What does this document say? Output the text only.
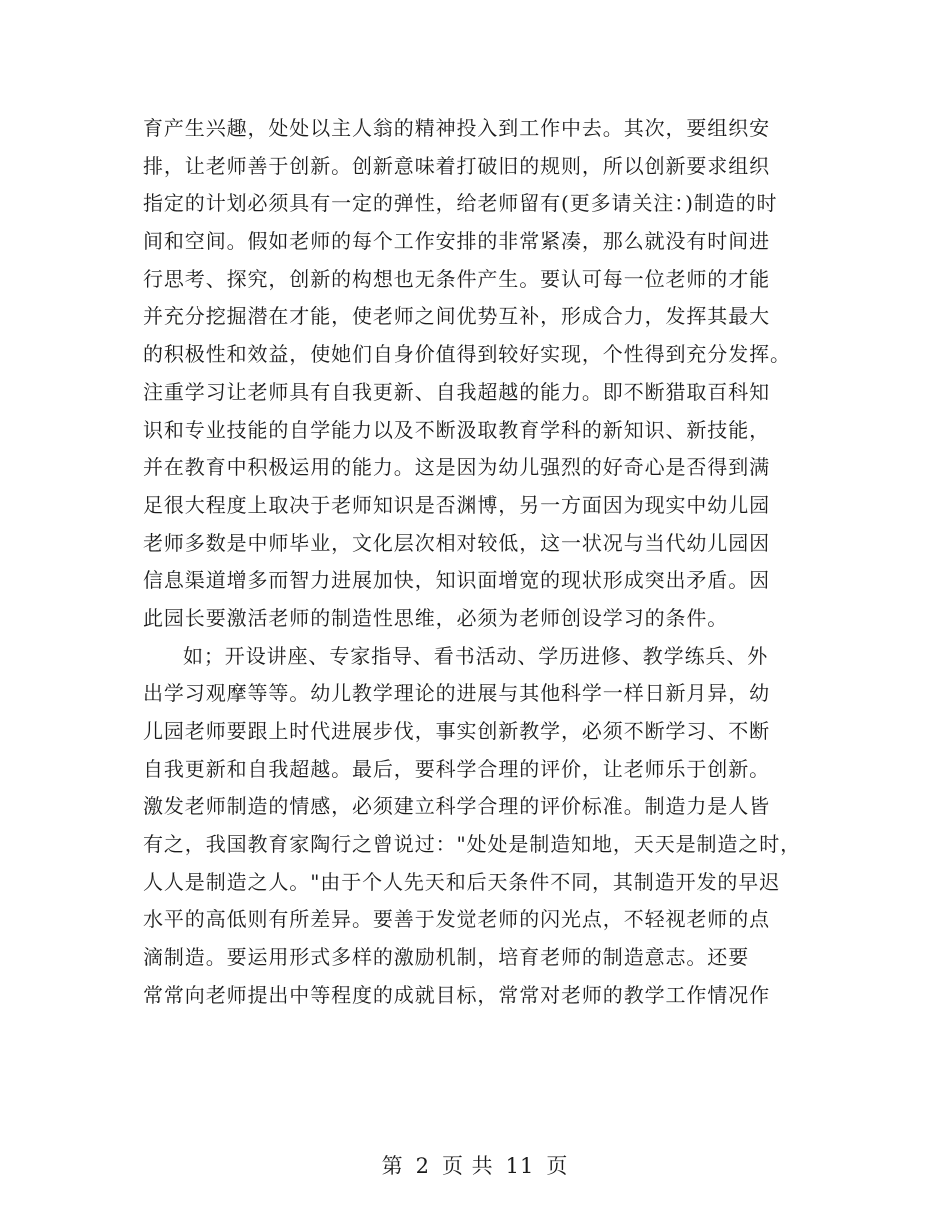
育产生兴趣，处处以主人翁的精神投入到工作中去。其次，要组织安
排，让老师善于创新。创新意味着打破旧的规则，所以创新要求组织
指定的计划必须具有一定的弹性，给老师留有(更多请关注：)制造的时
间和空间。假如老师的每个工作安排的非常紧凑，那么就没有时间进
行思考、探究，创新的构想也无条件产生。要认可每一位老师的才能
并充分挖掘潜在才能，使老师之间优势互补，形成合力，发挥其最大
的积极性和效益，使她们自身价值得到较好实现，个性得到充分发挥。
注重学习让老师具有自我更新、自我超越的能力。即不断猎取百科知
识和专业技能的自学能力以及不断汲取教育学科的新知识、新技能，
并在教育中积极运用的能力。这是因为幼儿强烈的好奇心是否得到满
足很大程度上取决于老师知识是否渊博，另一方面因为现实中幼儿园
老师多数是中师毕业，文化层次相对较低，这一状况与当代幼儿园因
信息渠道增多而智力进展加快，知识面增宽的现状形成突出矛盾。因
此园长要激活老师的制造性思维，必须为老师创设学习的条件。
如；开设讲座、专家指导、看书活动、学历进修、教学练兵、外
出学习观摩等等。幼儿教学理论的进展与其他科学一样日新月异，幼
儿园老师要跟上时代进展步伐，事实创新教学，必须不断学习、不断
自我更新和自我超越。最后，要科学合理的评价，让老师乐于创新。
激发老师制造的情感，必须建立科学合理的评价标准。制造力是人皆
有之，我国教育家陶行之曾说过："处处是制造知地，天天是制造之时，
人人是制造之人。"由于个人先天和后天条件不同，其制造开发的早迟
水平的高低则有所差异。要善于发觉老师的闪光点，不轻视老师的点
滴制造。要运用形式多样的激励机制，培育老师的制造意志。还要
常常向老师提出中等程度的成就目标，常常对老师的教学工作情况作
第 2 页 共 11 页
